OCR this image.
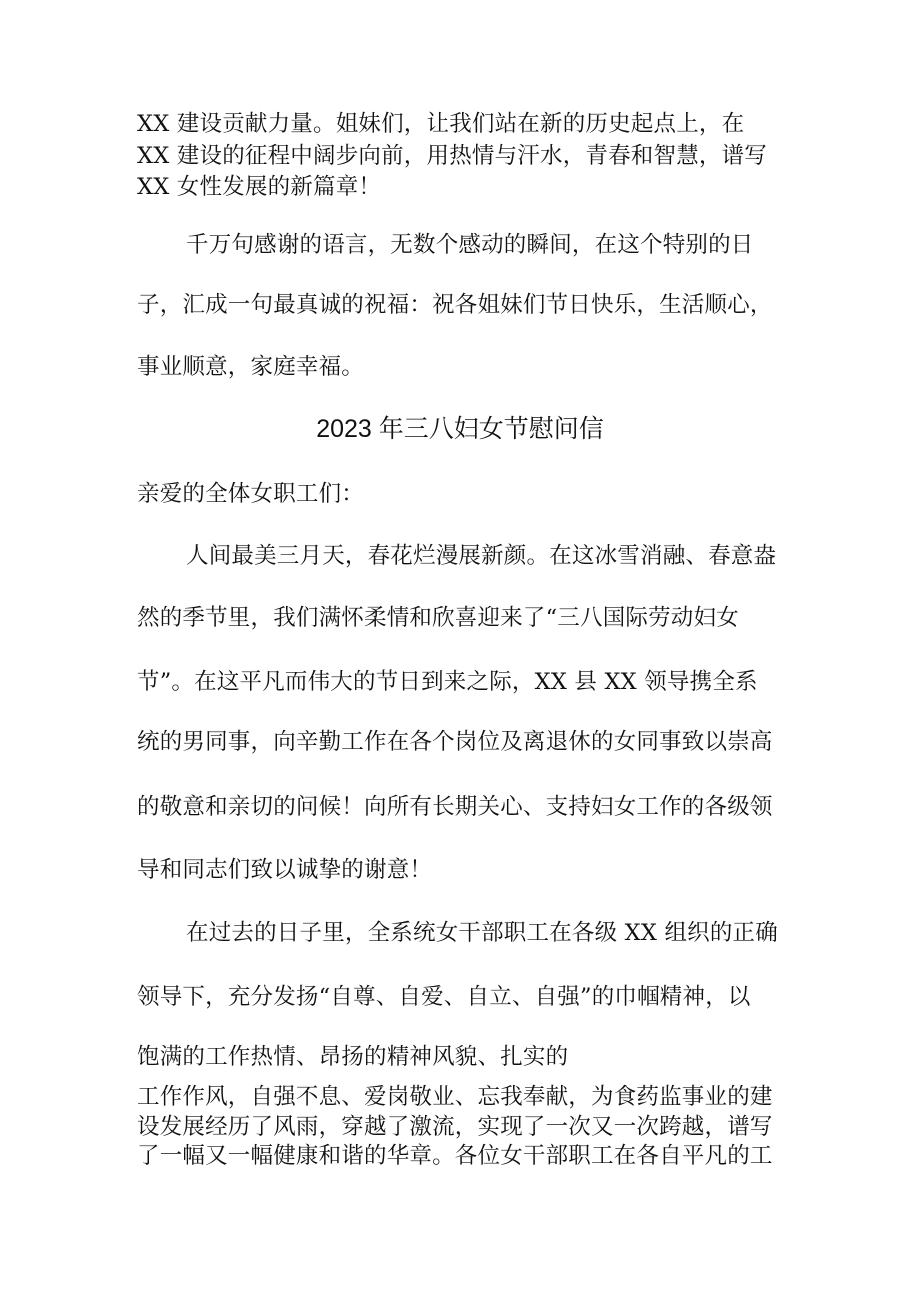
XX 建设贡献力量。姐妹们，让我们站在新的历史起点上，在
XX 建设的征程中阔步向前，用热情与汗水，青春和智慧，谱写
XX 女性发展的新篇章！
千万句感谢的语言，无数个感动的瞬间，在这个特别的日
子，汇成一句最真诚的祝福：祝各姐妹们节日快乐，生活顺心，
事业顺意，家庭幸福。
2023 年三八妇女节慰问信
亲爱的全体女职工们：
人间最美三月天，春花烂漫展新颜。在这冰雪消融、春意盎
然的季节里，我们满怀柔情和欣喜迎来了“三八国际劳动妇女
节”。在这平凡而伟大的节日到来之际，XX 县 XX 领导携全系
统的男同事，向辛勤工作在各个岗位及离退休的女同事致以崇高
的敬意和亲切的问候！向所有长期关心、支持妇女工作的各级领
导和同志们致以诚挚的谢意！
在过去的日子里，全系统女干部职工在各级 XX 组织的正确
领导下，充分发扬“自尊、自爱、自立、自强”的巾帼精神，以
饱满的工作热情、昂扬的精神风貌、扎实的
工作作风，自强不息、爱岗敬业、忘我奉献，为食药监事业的建
设发展经历了风雨，穿越了激流，实现了一次又一次跨越，谱写
了一幅又一幅健康和谐的华章。各位女干部职工在各自平凡的工
